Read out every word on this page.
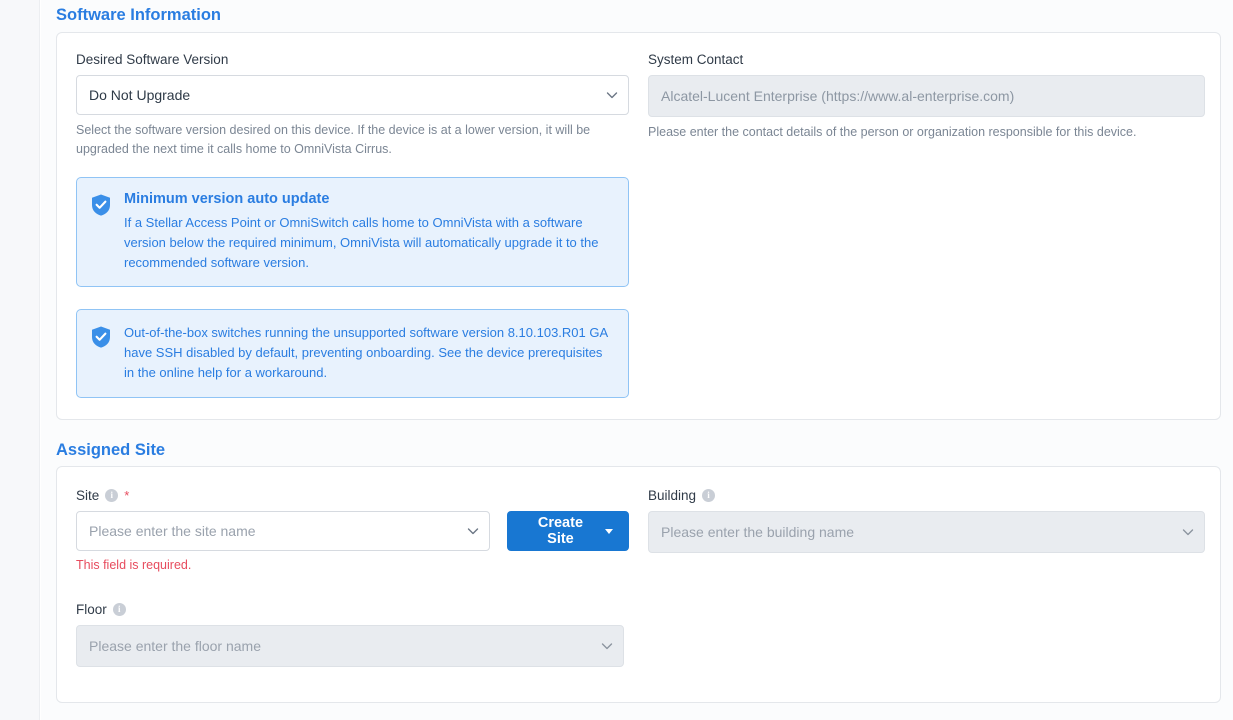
Software Information
Desired Software Version
Do Not Upgrade

Select the software version desired on this device. If the device is at a lower version, it will be upgraded the next time it calls home to OmniVista Cirrus.

Minimum version auto update

If a Stellar Access Point or OmniSwitch calls home to OmniVista with a software version below the required minimum, OmniVista will automatically upgrade it to the recommended software version.

Out-of-the-box switches running the unsupported software version 8.10.103.R01 GA have SSH disabled by default, preventing onboarding. See the device prerequisites in the online help for a workaround.

System Contact
Alcatel-Lucent Enterprise (https://www.al-enterprise.com)

Please enter the contact details of the person or organization responsible for this device.

Assigned Site
Site	i *
Please enter the site name

This field is required.

Create Site
Floor	i
Please enter the floor name
Building	i
Please enter the building name
